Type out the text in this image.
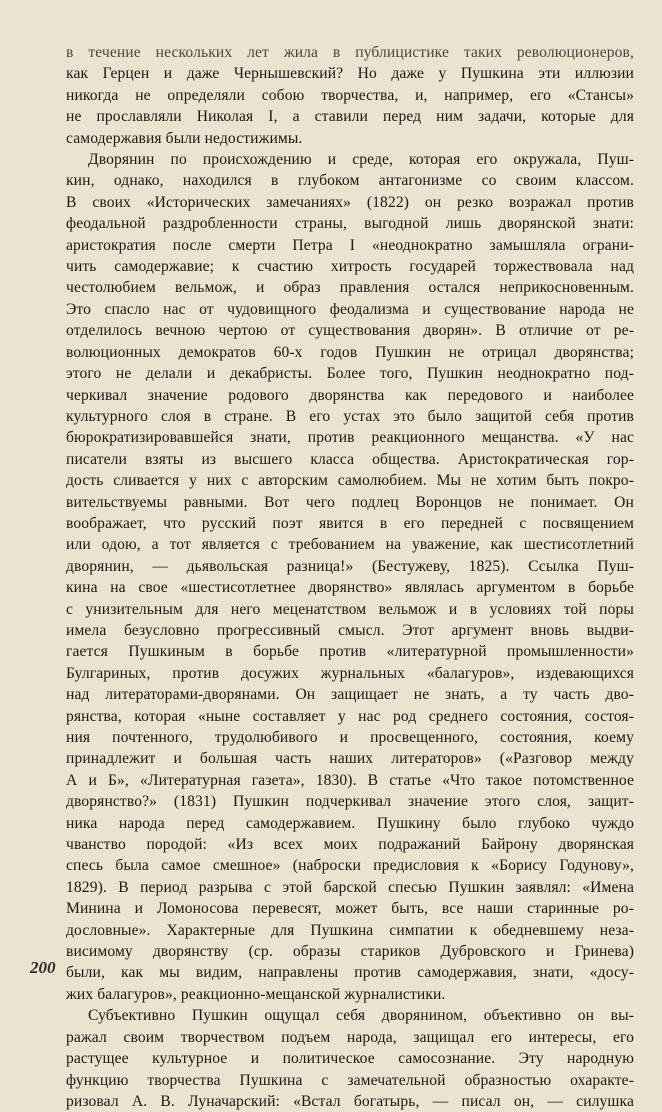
в течение нескольких лет жила в публицистике таких революционеров,
как Герцен и даже Чернышевский? Но даже у Пушкина эти иллюзии
никогда не определяли собою творчества, и, например, его «Стансы»
не прославляли Николая I, а ставили перед ним задачи, которые для
самодержавия были недостижимы.
Дворянин по происхождению и среде, которая его окружала, Пуш-
кин, однако, находился в глубоком антагонизме со своим классом.
В своих «Исторических замечаниях» (1822) он резко возражал против
феодальной раздробленности страны, выгодной лишь дворянской знати:
аристократия после смерти Петра I «неоднократно замышляла ограни-
чить самодержавие; к счастию хитрость государей торжествовала над
честолюбием вельмож, и образ правления остался неприкосновенным.
Это спасло нас от чудовищного феодализма и существование народа не
отделилось вечною чертою от существования дворян». В отличие от ре-
волюционных демократов 60-х годов Пушкин не отрицал дворянства;
этого не делали и декабристы. Более того, Пушкин неоднократно под-
черкивал значение родового дворянства как передового и наиболее
культурного слоя в стране. В его устах это было защитой себя против
бюрократизировавшейся знати, против реакционного мещанства. «У нас
писатели взяты из высшего класса общества. Аристократическая гор-
дость сливается у них с авторским самолюбием. Мы не хотим быть покро-
вительствуемы равными. Вот чего подлец Воронцов не понимает. Он
воображает, что русский поэт явится в его передней с посвящением
или одою, а тот является с требованием на уважение, как шестисотлетний
дворянин, — дьявольская разница!» (Бестужеву, 1825). Ссылка Пуш-
кина на свое «шестисотлетнее дворянство» являлась аргументом в борьбе
с унизительным для него меценатством вельмож и в условиях той поры
имела безусловно прогрессивный смысл. Этот аргумент вновь выдви-
гается Пушкиным в борьбе против «литературной промышленности»
Булгариных, против досужих журнальных «балагуров», издевающихся
над литераторами-дворянами. Он защищает не знать, а ту часть дво-
рянства, которая «ныне составляет у нас род среднего состояния, состоя-
ния почтенного, трудолюбивого и просвещенного, состояния, коему
принадлежит и большая часть наших литераторов» («Разговор между
А и Б», «Литературная газета», 1830). В статье «Что такое потомственное
дворянство?» (1831) Пушкин подчеркивал значение этого слоя, защит-
ника народа перед самодержавием. Пушкину было глубоко чуждо
чванство породой: «Из всех моих подражаний Байрону дворянская
спесь была самое смешное» (наброски предисловия к «Борису Годунову»,
1829). В период разрыва с этой барской спесью Пушкин заявлял: «Имена
Минина и Ломоносова перевесят, может быть, все наши старинные ро-
дословные». Характерные для Пушкина симпатии к обедневшему неза-
висимому дворянству (ср. образы стариков Дубровского и Гринева)
были, как мы видим, направлены против самодержавия, знати, «досу-
жих балагуров», реакционно-мещанской журналистики.
Субъективно Пушкин ощущал себя дворянином, объективно он вы-
ражал своим творчеством подъем народа, защищал его интересы, его
растущее культурное и политическое самосознание. Эту народную
функцию творчества Пушкина с замечательной образностью охаракте-
ризовал А. В. Луначарский: «Встал богатырь, — писал он, — силушка
200
